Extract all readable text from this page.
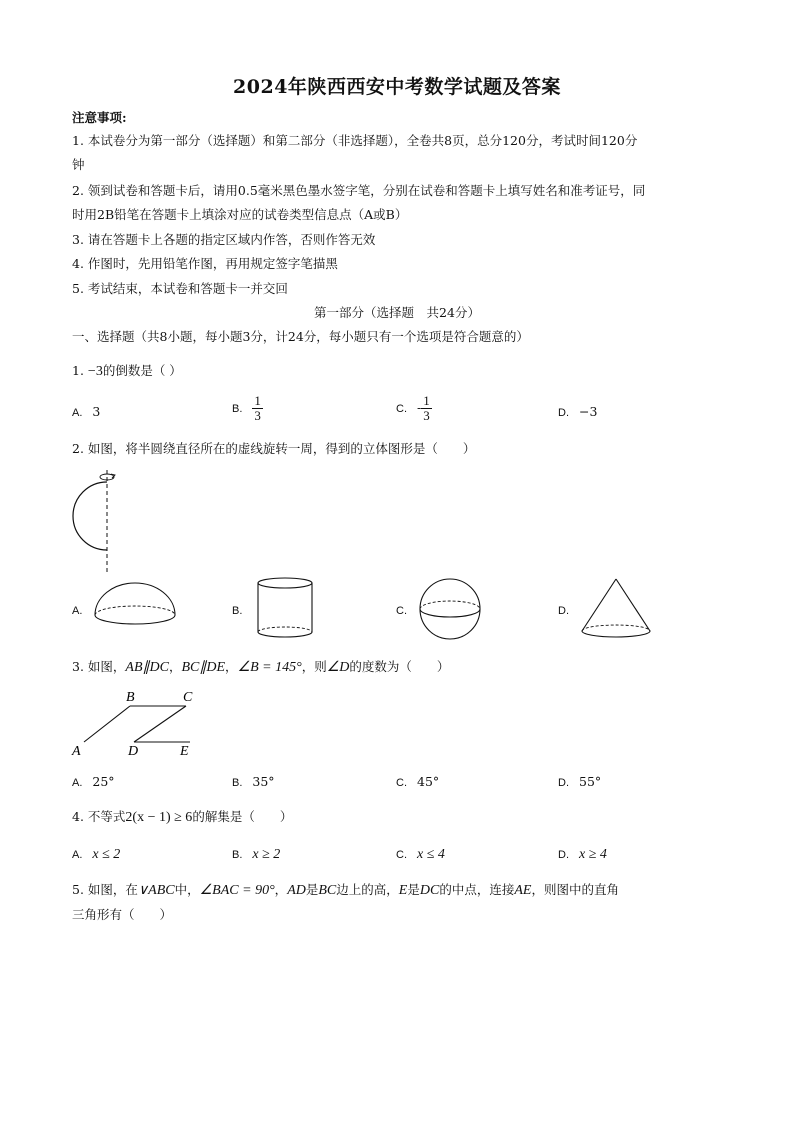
2024年陕西西安中考数学试题及答案
注意事项:
1. 本试卷分为第一部分（选择题）和第二部分（非选择题），全卷共8页，总分120分，考试时间120分
钟
2. 领到试卷和答题卡后，请用0.5毫米黑色墨水签字笔，分别在试卷和答题卡上填写姓名和准考证号，同
时用2B铅笔在答题卡上填涂对应的试卷类型信息点（A或B）
3. 请在答题卡上各题的指定区域内作答，否则作答无效
4. 作图时，先用铅笔作图，再用规定签字笔描黑
5. 考试结束，本试卷和答题卡一并交回
第一部分（选择题　共24分）
一、选择题（共8小题，每小题3分，计24分，每小题只有一个选项是符合题意的）
1. −3的倒数是（ ）
A. 3	B. $\frac{1}{3}$	C. - $\frac{1}{3}$	D. −3
2. 如图，将半圆绕直径所在的虚线旋转一周，得到的立体图形是（　　）
A.	B.	C.	D.
3. 如图，AB∥DC，BC∥DE，∠B = 145°，则∠D的度数为（　　）
B	C
A	D	E
A. 25°	B. 35°	C. 45°	D. 55°
4. 不等式2(x − 1) ≥ 6的解集是（　　）
A. x ≤ 2	B. x ≥ 2	C. x ≤ 4	D. x ≥ 4
5. 如图，在∨ABC中，∠BAC = 90°，AD是BC边上的高，E是DC的中点，连接AE，则图中的直角
三角形有（　　）
